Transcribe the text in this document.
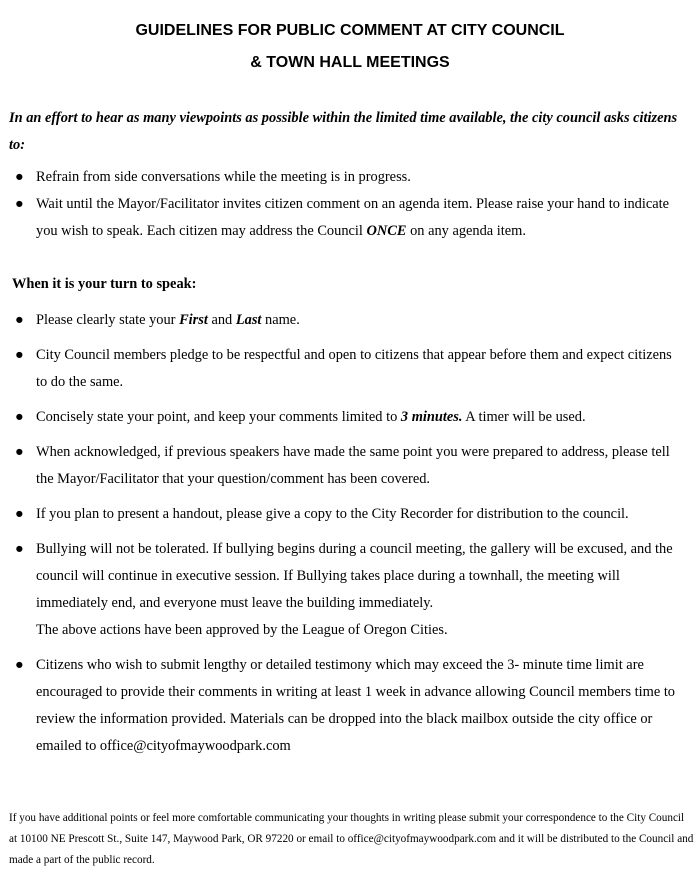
GUIDELINES FOR PUBLIC COMMENT AT CITY COUNCIL
& TOWN HALL MEETINGS
In an effort to hear as many viewpoints as possible within the limited time available, the city council asks citizens to:
● Refrain from side conversations while the meeting is in progress.
● Wait until the Mayor/Facilitator invites citizen comment on an agenda item. Please raise your hand to indicate you wish to speak. Each citizen may address the Council ONCE on any agenda item.
When it is your turn to speak:
● Please clearly state your First and Last name.
● City Council members pledge to be respectful and open to citizens that appear before them and expect citizens to do the same.
● Concisely state your point, and keep your comments limited to 3 minutes. A timer will be used.
● When acknowledged, if previous speakers have made the same point you were prepared to address, please tell the Mayor/Facilitator that your question/comment has been covered.
● If you plan to present a handout, please give a copy to the City Recorder for distribution to the council.
● Bullying will not be tolerated. If bullying begins during a council meeting, the gallery will be excused, and the council will continue in executive session. If Bullying takes place during a townhall, the meeting will immediately end, and everyone must leave the building immediately.
The above actions have been approved by the League of Oregon Cities.
● Citizens who wish to submit lengthy or detailed testimony which may exceed the 3- minute time limit are encouraged to provide their comments in writing at least 1 week in advance allowing Council members time to review the information provided. Materials can be dropped into the black mailbox outside the city office or emailed to office@cityofmaywoodpark.com
If you have additional points or feel more comfortable communicating your thoughts in writing please submit your correspondence to the City Council at 10100 NE Prescott St., Suite 147, Maywood Park, OR 97220 or email to office@cityofmaywoodpark.com and it will be distributed to the Council and made a part of the public record.
